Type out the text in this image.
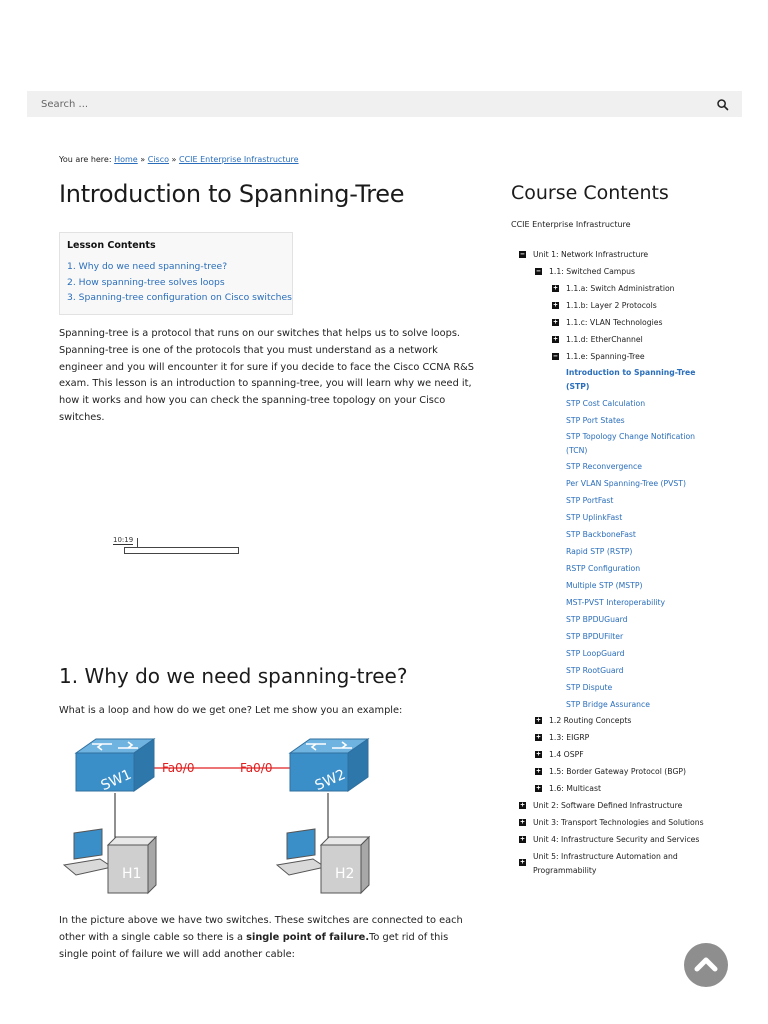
Search ...
You are here: Home » Cisco » CCIE Enterprise Infrastructure
Introduction to Spanning-Tree
Lesson Contents
1. Why do we need spanning-tree?
2. How spanning-tree solves loops
3. Spanning-tree configuration on Cisco switches

Spanning-tree is a protocol that runs on our switches that helps us to solve loops. Spanning-tree is one of the protocols that you must understand as a network engineer and you will encounter it for sure if you decide to face the Cisco CCNA R&S exam. This lesson is an introduction to spanning-tree, you will learn why we need it, how it works and how you can check the spanning-tree topology on your Cisco switches.

10:19
1. Why do we need spanning-tree?
What is a loop and how do we get one? Let me show you an example:
Fa0/0	Fa0/0
SW1	SW2
H1	H2

In the picture above we have two switches. These switches are connected to each other with a single cable so there is a single point of failure.To get rid of this single point of failure we will add another cable:

Course Contents
CCIE Enterprise Infrastructure
− Unit 1: Network Infrastructure
− 1.1: Switched Campus
+ 1.1.a: Switch Administration
+ 1.1.b: Layer 2 Protocols
+ 1.1.c: VLAN Technologies
+ 1.1.d: EtherChannel
− 1.1.e: Spanning-Tree
Introduction to Spanning-Tree
(STP)
STP Cost Calculation
STP Port States
STP Topology Change Notification
(TCN)
STP Reconvergence
Per VLAN Spanning-Tree (PVST)
STP PortFast
STP UplinkFast
STP BackboneFast
Rapid STP (RSTP)
RSTP Configuration
Multiple STP (MSTP)
MST-PVST Interoperability
STP BPDUGuard
STP BPDUFilter
STP LoopGuard
STP RootGuard
STP Dispute
STP Bridge Assurance
+ 1.2 Routing Concepts
+ 1.3: EIGRP
+ 1.4 OSPF
+ 1.5: Border Gateway Protocol (BGP)
+ 1.6: Multicast
+ Unit 2: Software Defined Infrastructure
+ Unit 3: Transport Technologies and Solutions
+ Unit 4: Infrastructure Security and Services
+
Unit 5: Infrastructure Automation and
Programmability
